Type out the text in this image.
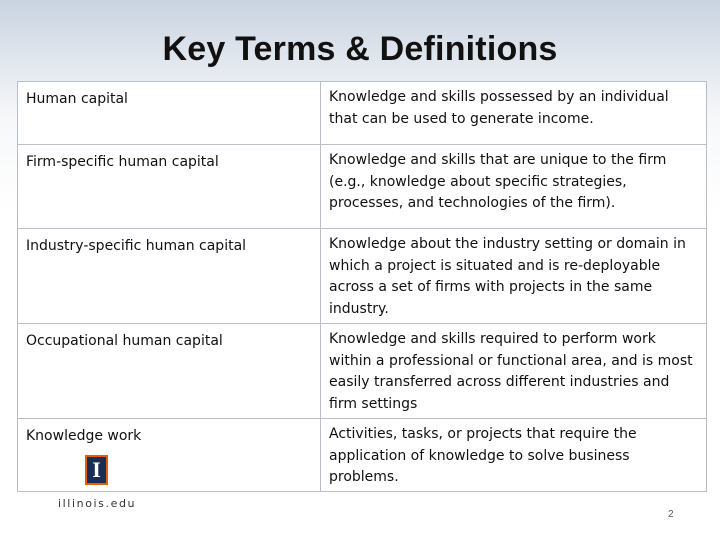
Key Terms & Definitions
Human capital	Knowledge and skills possessed by an individual that can be used to generate income.
Firm-specific human capital	Knowledge and skills that are unique to the firm (e.g., knowledge about specific strategies, processes, and technologies of the firm).
Industry-specific human capital	Knowledge about the industry setting or domain in which a project is situated and is re-deployable across a set of firms with projects in the same industry.
Occupational human capital	Knowledge and skills required to perform work within a professional or functional area, and is most easily transferred across different industries and firm settings
Knowledge work	Activities, tasks, or projects that require the application of knowledge to solve business problems.
I
illinois.edu
2
